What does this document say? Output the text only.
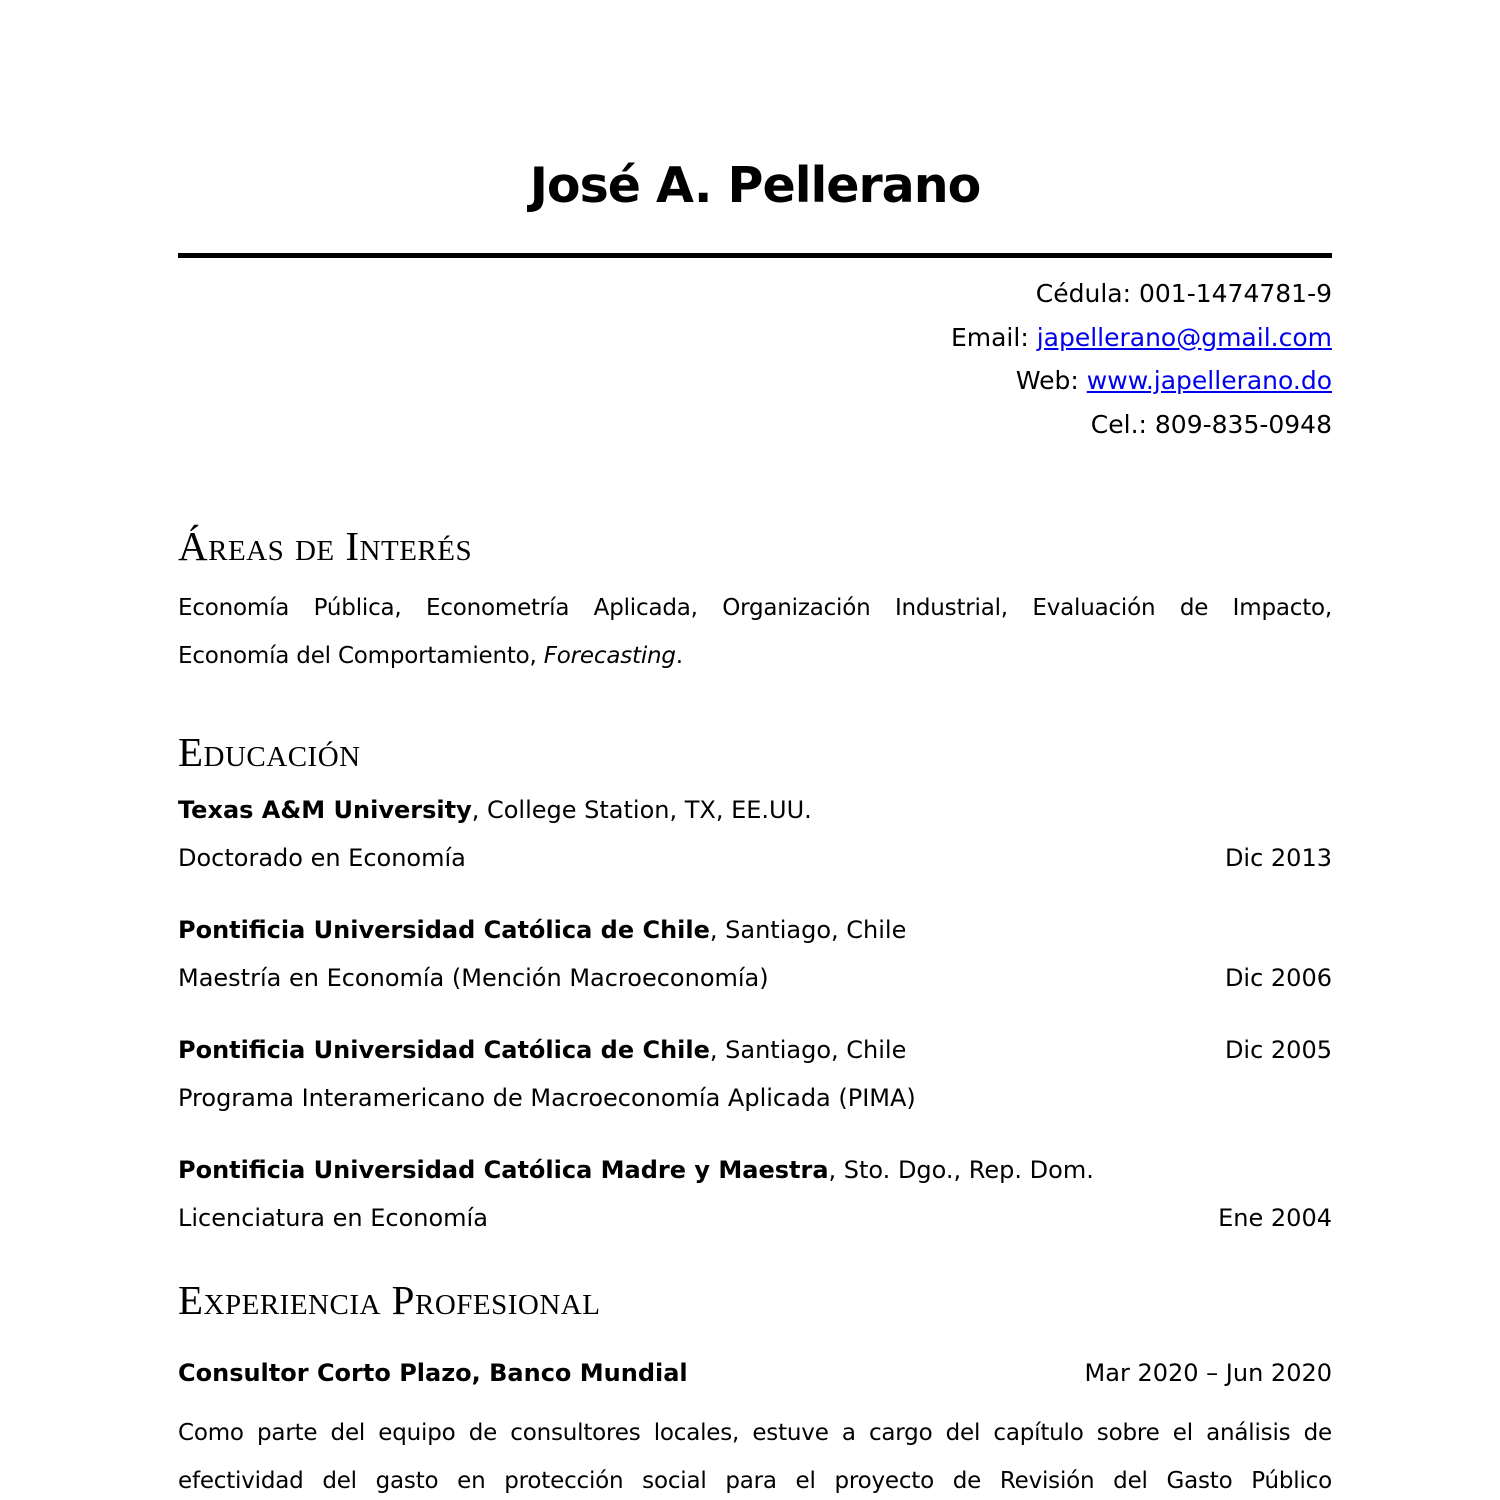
José A. Pellerano
Cédula: 001-1474781-9
Email: japellerano@gmail.com
Web: www.japellerano.do
Cel.: 809-835-0948
Áreas de Interés
Economía Pública, Econometría Aplicada, Organización Industrial, Evaluación de Impacto,
Economía del Comportamiento, Forecasting.
Educación
Texas A&M University, College Station, TX, EE.UU.
Doctorado en Economía	Dic 2013
Pontificia Universidad Católica de Chile, Santiago, Chile
Maestría en Economía (Mención Macroeconomía)	Dic 2006
Pontificia Universidad Católica de Chile, Santiago, Chile	Dic 2005
Programa Interamericano de Macroeconomía Aplicada (PIMA)
Pontificia Universidad Católica Madre y Maestra, Sto. Dgo., Rep. Dom.
Licenciatura en Economía	Ene 2004
Experiencia Profesional
Consultor Corto Plazo, Banco Mundial	Mar 2020 – Jun 2020
Como parte del equipo de consultores locales, estuve a cargo del capítulo sobre el análisis de
efectividad del gasto en protección social para el proyecto de Revisión del Gasto Público
